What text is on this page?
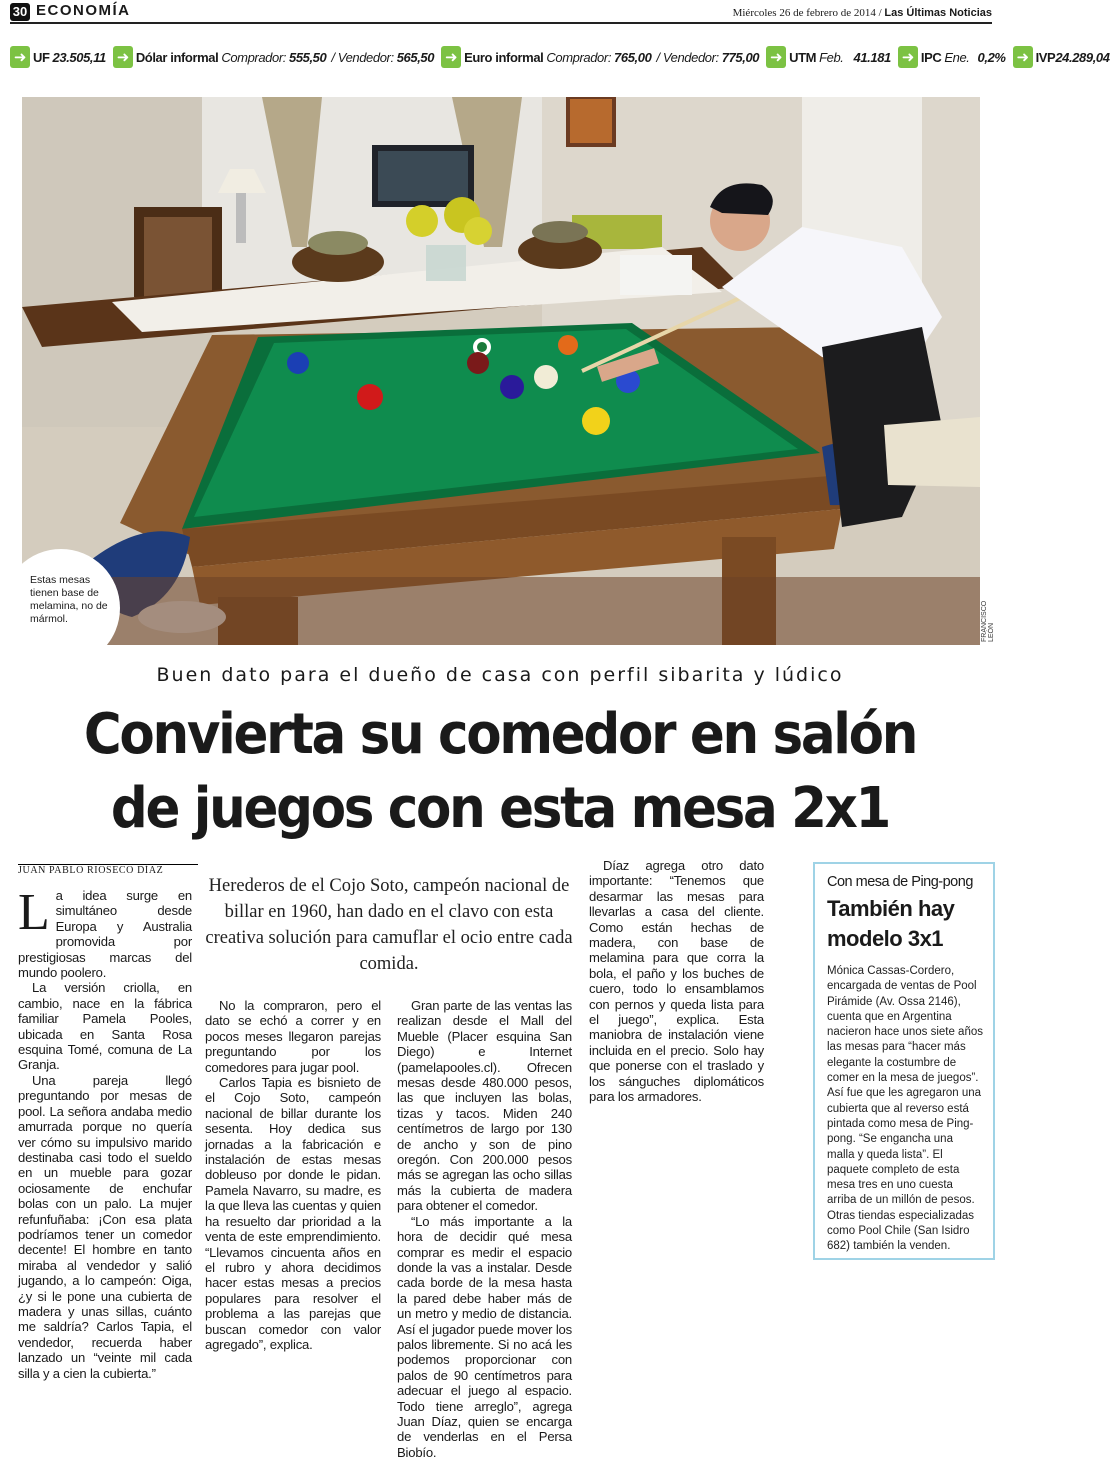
30 ECONOMÍA	Miércoles 26 de febrero de 2014 / Las Últimas Noticias
➜ UF 23.505,11 ➜ Dólar informal Comprador: 555,50 / Vendedor: 565,50 ➜ Euro informal Comprador: 765,00 / Vendedor: 775,00 ➜ UTM Feb. 41.181 ➜ IPC Ene. 0,2% ➜ IVP 24.289,04
Estas mesas
tienen base de
melamina, no de
mármol.	FRANCISCO LEÓN
Buen dato para el dueño de casa con perfil sibarita y lúdico
Convierta su comedor en salón
de juegos con esta mesa 2x1
JUAN PABLO RIOSECO DÍAZ
Herederos de el Cojo Soto, campeón nacional de billar en 1960, han dado en el clavo con esta creativa solución para camuflar el ocio entre cada comida.

La idea surge en simultáneo desde Europa y Australia promovida por prestigiosas marcas del mundo poolero.

La versión criolla, en cambio, nace en la fábrica familiar Pamela Pooles, ubicada en Santa Rosa esquina Tomé, comuna de La Granja.

Una pareja llegó preguntando por mesas de pool. La señora andaba medio amurrada porque no quería ver cómo su impulsivo marido destinaba casi todo el sueldo en un mueble para gozar ociosamente de enchufar bolas con un palo. La mujer refunfuñaba: ¡Con esa plata podríamos tener un comedor decente! El hombre en tanto miraba al vendedor y salió jugando, a lo campeón: Oiga, ¿y si le pone una cubierta de madera y unas sillas, cuánto me saldría? Carlos Tapia, el vendedor, recuerda haber lanzado un “veinte mil cada silla y a cien la cubierta.”

No la compraron, pero el dato se echó a correr y en pocos meses llegaron parejas preguntando por los comedores para jugar pool.

Carlos Tapia es bisnieto de el Cojo Soto, campeón nacional de billar durante los sesenta. Hoy dedica sus jornadas a la fabricación e instalación de estas mesas dobleuso por donde le pidan. Pamela Navarro, su madre, es la que lleva las cuentas y quien ha resuelto dar prioridad a la venta de este emprendimiento. “Llevamos cincuenta años en el rubro y ahora decidimos hacer estas mesas a precios populares para resolver el problema a las parejas que buscan comedor con valor agregado”, explica.

Gran parte de las ventas las realizan desde el Mall del Mueble (Placer esquina San Diego) e Internet (pamelapooles.cl). Ofrecen mesas desde 480.000 pesos, las que incluyen las bolas, tizas y tacos. Miden 240 centímetros de largo por 130 de ancho y son de pino oregón. Con 200.000 pesos más se agregan las ocho sillas más la cubierta de madera para obtener el comedor.

“Lo más importante a la hora de decidir qué mesa comprar es medir el espacio donde la vas a instalar. Desde cada borde de la mesa hasta la pared debe haber más de un metro y medio de distancia. Así el jugador puede mover los palos libremente. Si no acá les podemos proporcionar con palos de 90 centímetros para adecuar el juego al espacio. Todo tiene arreglo”, agrega Juan Díaz, quien se encarga de venderlas en el Persa Biobío.

Díaz agrega otro dato importante: “Tenemos que desarmar las mesas para llevarlas a casa del cliente. Como están hechas de madera, con base de melamina para que corra la bola, el paño y los buches de cuero, todo lo ensamblamos con pernos y queda lista para el juego”, explica. Esta maniobra de instalación viene incluida en el precio. Solo hay que ponerse con el traslado y los sánguches diplomáticos para los armadores.

Con mesa de Ping-pong
También hay modelo 3x1
Mónica Cassas-Cordero, encargada de ventas de Pool Pirámide (Av. Ossa 2146), cuenta que en Argentina nacieron hace unos siete años las mesas para “hacer más elegante la costumbre de comer en la mesa de juegos”. Así fue que les agregaron una cubierta que al reverso está pintada como mesa de Ping-pong. “Se engancha una malla y queda lista”. El paquete completo de esta mesa tres en uno cuesta arriba de un millón de pesos. Otras tiendas especializadas como Pool Chile (San Isidro 682) también la venden.
